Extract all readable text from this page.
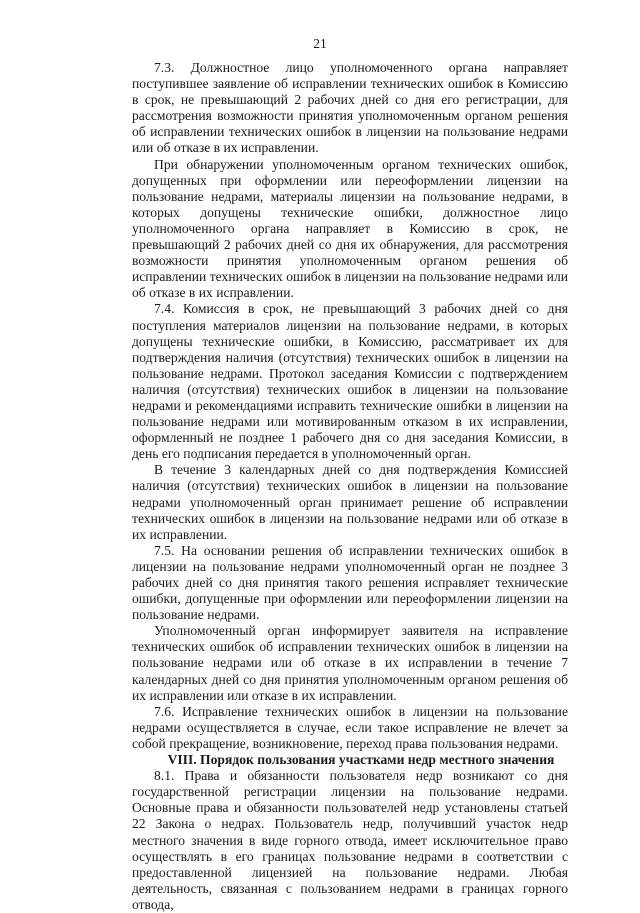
21

7.3. Должностное лицо уполномоченного органа направляет поступившее заявление об исправлении технических ошибок в Комиссию в срок, не превышающий 2 рабочих дней со дня его регистрации, для рассмотрения возможности принятия уполномоченным органом решения об исправлении технических ошибок в лицензии на пользование недрами или об отказе в их исправлении.

При обнаружении уполномоченным органом технических ошибок, допущенных при оформлении или переоформлении лицензии на пользование недрами, материалы лицензии на пользование недрами, в которых допущены технические ошибки, должностное лицо уполномоченного органа направляет в Комиссию в срок, не превышающий 2 рабочих дней со дня их обнаружения, для рассмотрения возможности принятия уполномоченным органом решения об исправлении технических ошибок в лицензии на пользование недрами или об отказе в их исправлении.

7.4. Комиссия в срок, не превышающий 3 рабочих дней со дня поступления материалов лицензии на пользование недрами, в которых допущены технические ошибки, в Комиссию, рассматривает их для подтверждения наличия (отсутствия) технических ошибок в лицензии на пользование недрами. Протокол заседания Комиссии с подтверждением наличия (отсутствия) технических ошибок в лицензии на пользование недрами и рекомендациями исправить технические ошибки в лицензии на пользование недрами или мотивированным отказом в их исправлении, оформленный не позднее 1 рабочего дня со дня заседания Комиссии, в день его подписания передается в уполномоченный орган.

В течение 3 календарных дней со дня подтверждения Комиссией наличия (отсутствия) технических ошибок в лицензии на пользование недрами уполномоченный орган принимает решение об исправлении технических ошибок в лицензии на пользование недрами или об отказе в их исправлении.

7.5. На основании решения об исправлении технических ошибок в лицензии на пользование недрами уполномоченный орган не позднее 3 рабочих дней со дня принятия такого решения исправляет технические ошибки, допущенные при оформлении или переоформлении лицензии на пользование недрами.

Уполномоченный орган информирует заявителя на исправление технических ошибок об исправлении технических ошибок в лицензии на пользование недрами или об отказе в их исправлении в течение 7 календарных дней со дня принятия уполномоченным органом решения об их исправлении или отказе в их исправлении.

7.6. Исправление технических ошибок в лицензии на пользование недрами осуществляется в случае, если такое исправление не влечет за собой прекращение, возникновение, переход права пользования недрами.

VIII. Порядок пользования участками недр местного значения

8.1. Права и обязанности пользователя недр возникают со дня государственной регистрации лицензии на пользование недрами. Основные права и обязанности пользователей недр установлены статьей 22 Закона о недрах. Пользователь недр, получивший участок недр местного значения в виде горного отвода, имеет исключительное право осуществлять в его границах пользование недрами в соответствии с предоставленной лицензией на пользование недрами. Любая деятельность, связанная с пользованием недрами в границах горного отвода,
